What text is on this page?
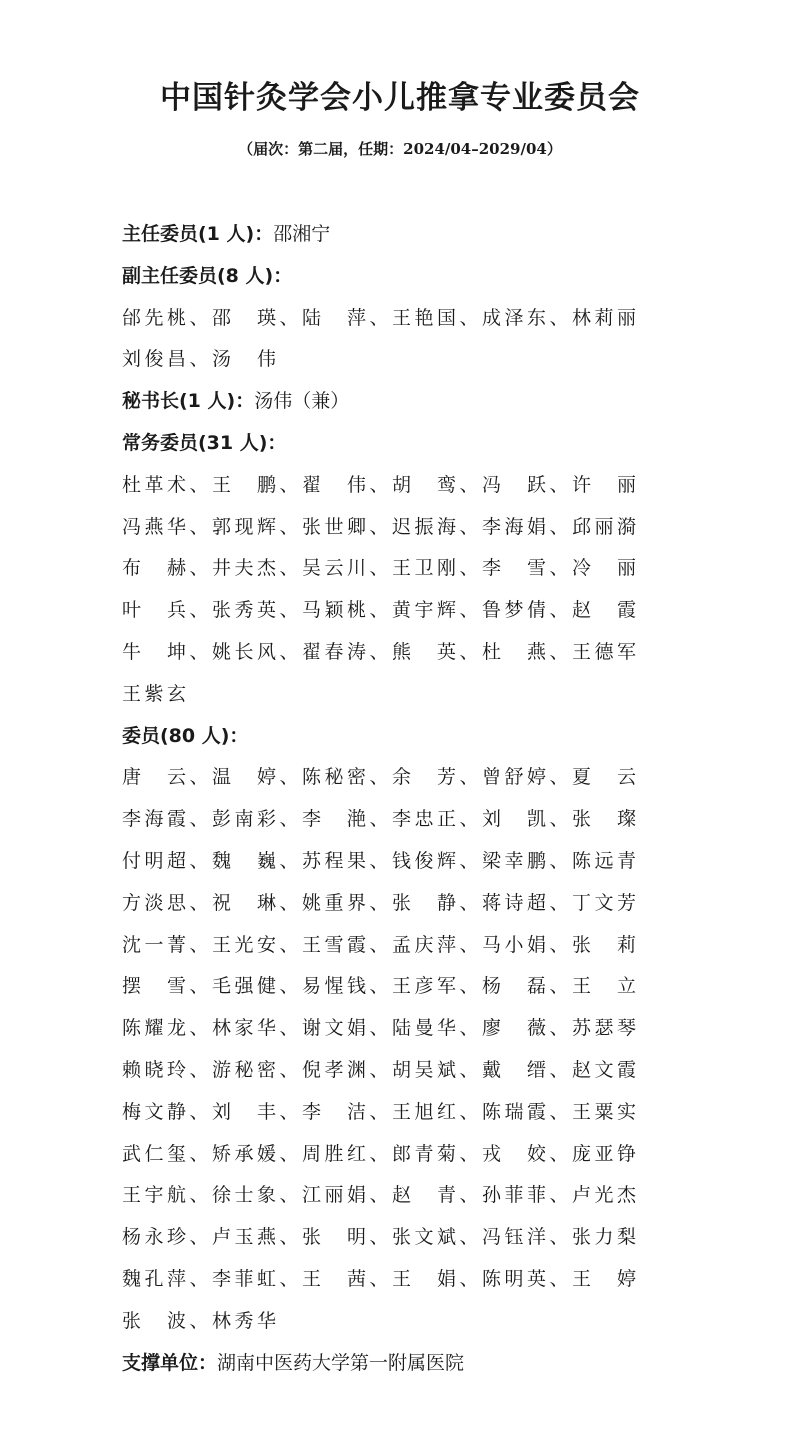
中国针灸学会小儿推拿专业委员会
（届次：第二届，任期：2024/04–2029/04）
主任委员(1 人)：邵湘宁
副主任委员(8 人)：
邰先桃、邵　瑛、陆　萍、王艳国、成泽东、林莉丽
刘俊昌、汤　伟
秘书长(1 人)：汤伟（兼）
常务委员(31 人)：
杜革术、王　鹏、翟　伟、胡　鸾、冯　跃、许　丽
冯燕华、郭现辉、张世卿、迟振海、李海娟、邱丽漪
布　赫、井夫杰、吴云川、王卫刚、李　雪、冷　丽
叶　兵、张秀英、马颖桃、黄宇辉、鲁梦倩、赵　霞
牛　坤、姚长风、翟春涛、熊　英、杜　燕、王德军
王紫玄
委员(80 人)：
唐　云、温　婷、陈秘密、余　芳、曾舒婷、夏　云
李海霞、彭南彩、李　滟、李忠正、刘　凯、张　璨
付明超、魏　巍、苏程果、钱俊辉、梁幸鹏、陈远青
方淡思、祝　琳、姚重界、张　静、蒋诗超、丁文芳
沈一菁、王光安、王雪霞、孟庆萍、马小娟、张　莉
摆　雪、毛强健、易惺钱、王彦军、杨　磊、王　立
陈耀龙、林家华、谢文娟、陆曼华、廖　薇、苏瑟琴
赖晓玲、游秘密、倪孝渊、胡吴斌、戴　缙、赵文霞
梅文静、刘　丰、李　洁、王旭红、陈瑞霞、王粟实
武仁玺、矫承媛、周胜红、郎青菊、戎　姣、庞亚铮
王宇航、徐士象、江丽娟、赵　青、孙菲菲、卢光杰
杨永珍、卢玉燕、张　明、张文斌、冯钰洋、张力梨
魏孔萍、李菲虹、王　茜、王　娟、陈明英、王　婷
张　波、林秀华
支撑单位：湖南中医药大学第一附属医院
